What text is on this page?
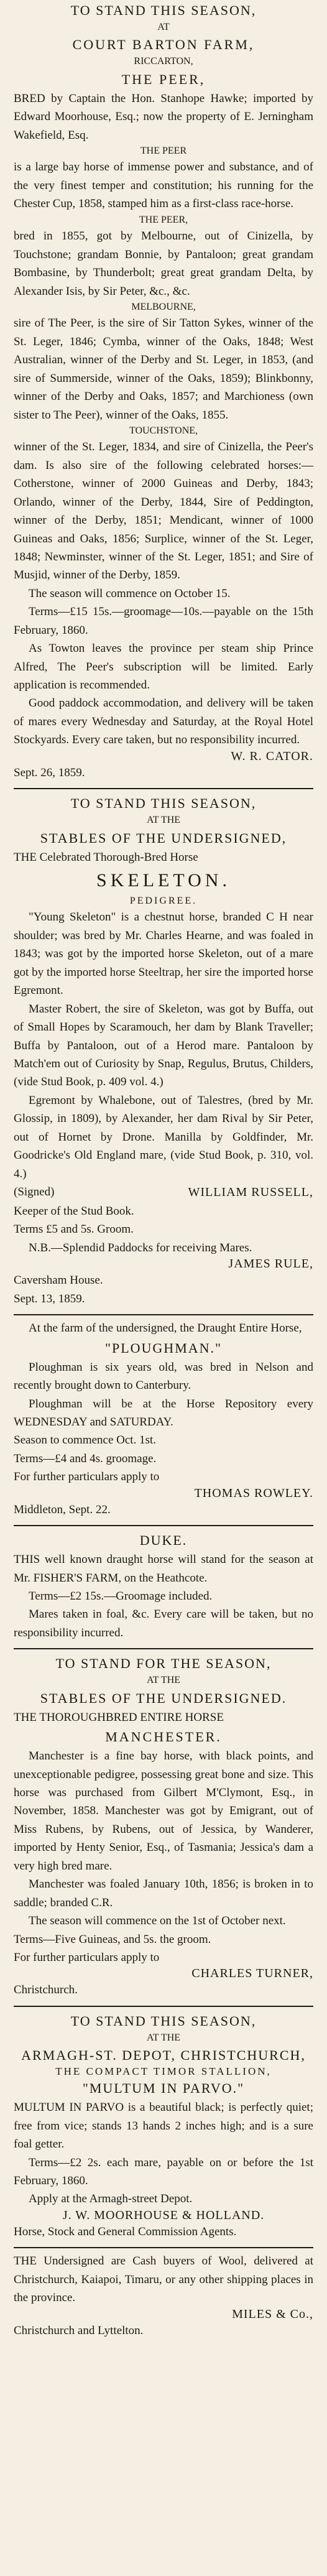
TO STAND THIS SEASON,
AT
COURT BARTON FARM,
RICCARTON,
THE PEER,

BRED by Captain the Hon. Stanhope Hawke; imported by Edward Moorhouse, Esq.; now the property of E. Jerningham Wakefield, Esq.

THE PEER

is a large bay horse of immense power and substance, and of the very finest temper and constitution; his running for the Chester Cup, 1858, stamped him as a first-class race-horse.

THE PEER,

bred in 1855, got by Melbourne, out of Cinizella, by Touchstone; grandam Bonnie, by Pantaloon; great grandam Bombasine, by Thunderbolt; great great grandam Delta, by Alexander Isis, by Sir Peter, &c., &c.

MELBOURNE,

sire of The Peer, is the sire of Sir Tatton Sykes, winner of the St. Leger, 1846; Cymba, winner of the Oaks, 1848; West Australian, winner of the Derby and St. Leger, in 1853, (and sire of Summerside, winner of the Oaks, 1859); Blinkbonny, winner of the Derby and Oaks, 1857; and Marchioness (own sister to The Peer), winner of the Oaks, 1855.

TOUCHSTONE,

winner of the St. Leger, 1834, and sire of Cinizella, the Peer's dam. Is also sire of the following celebrated horses:—Cotherstone, winner of 2000 Guineas and Derby, 1843; Orlando, winner of the Derby, 1844, Sire of Peddington, winner of the Derby, 1851; Mendicant, winner of 1000 Guineas and Oaks, 1856; Surplice, winner of the St. Leger, 1848; Newminster, winner of the St. Leger, 1851; and Sire of Musjid, winner of the Derby, 1859.

The season will commence on October 15.

Terms—£15 15s.—groomage—10s.—payable on the 15th February, 1860.

As Towton leaves the province per steam ship Prince Alfred, The Peer's subscription will be limited. Early application is recommended.

Good paddock accommodation, and delivery will be taken of mares every Wednesday and Saturday, at the Royal Hotel Stockyards. Every care taken, but no responsibility incurred.

W. R. CATOR.
Sept. 26, 1859.
TO STAND THIS SEASON,
AT THE
STABLES OF THE UNDERSIGNED,
THE Celebrated Thorough-Bred Horse
SKELETON.
PEDIGREE.

"Young Skeleton" is a chestnut horse, branded C H near shoulder; was bred by Mr. Charles Hearne, and was foaled in 1843; was got by the imported horse Skeleton, out of a mare got by the imported horse Steeltrap, her sire the imported horse Egremont.

Master Robert, the sire of Skeleton, was got by Buffa, out of Small Hopes by Scaramouch, her dam by Blank Traveller; Buffa by Pantaloon, out of a Herod mare. Pantaloon by Match'em out of Curiosity by Snap, Regulus, Brutus, Childers, (vide Stud Book, p. 409 vol. 4.)

Egremont by Whalebone, out of Talestres, (bred by Mr. Glossip, in 1809), by Alexander, her dam Rival by Sir Peter, out of Hornet by Drone. Manilla by Goldfinder, Mr. Goodricke's Old England mare, (vide Stud Book, p. 310, vol. 4.)

(Signed)	WILLIAM RUSSELL,
Keeper of the Stud Book.
Terms £5 and 5s. Groom.
N.B.—Splendid Paddocks for receiving Mares.
JAMES RULE,
Caversham House.
Sept. 13, 1859.

At the farm of the undersigned, the Draught Entire Horse,

"PLOUGHMAN."

Ploughman is six years old, was bred in Nelson and recently brought down to Canterbury.

Ploughman will be at the Horse Repository every WEDNESDAY and SATURDAY.

Season to commence Oct. 1st.
Terms—£4 and 4s. groomage.
For further particulars apply to
THOMAS ROWLEY.
Middleton, Sept. 22.
DUKE.

THIS well known draught horse will stand for the season at Mr. FISHER'S FARM, on the Heathcote.

Terms—£2 15s.—Groomage included.

Mares taken in foal, &c. Every care will be taken, but no responsibility incurred.

TO STAND FOR THE SEASON,
AT THE
STABLES OF THE UNDERSIGNED.
THE THOROUGHBRED ENTIRE HORSE
MANCHESTER.

Manchester is a fine bay horse, with black points, and unexceptionable pedigree, possessing great bone and size. This horse was purchased from Gilbert M'Clymont, Esq., in November, 1858. Manchester was got by Emigrant, out of Miss Rubens, by Rubens, out of Jessica, by Wanderer, imported by Henty Senior, Esq., of Tasmania; Jessica's dam a very high bred mare.

Manchester was foaled January 10th, 1856; is broken in to saddle; branded C.R.

The season will commence on the 1st of October next.

Terms—Five Guineas, and 5s. the groom.
For further particulars apply to
CHARLES TURNER,
Christchurch.
TO STAND THIS SEASON,
AT THE
ARMAGH-ST. DEPOT, CHRISTCHURCH,
THE COMPACT TIMOR STALLION,
"MULTUM IN PARVO."

MULTUM IN PARVO is a beautiful black; is perfectly quiet; free from vice; stands 13 hands 2 inches high; and is a sure foal getter.

Terms—£2 2s. each mare, payable on or before the 1st February, 1860.

Apply at the Armagh-street Depot.
J. W. MOORHOUSE & HOLLAND.
Horse, Stock and General Commission Agents.

THE Undersigned are Cash buyers of Wool, delivered at Christchurch, Kaiapoi, Timaru, or any other shipping places in the province.

MILES & Co.,
Christchurch and Lyttelton.
